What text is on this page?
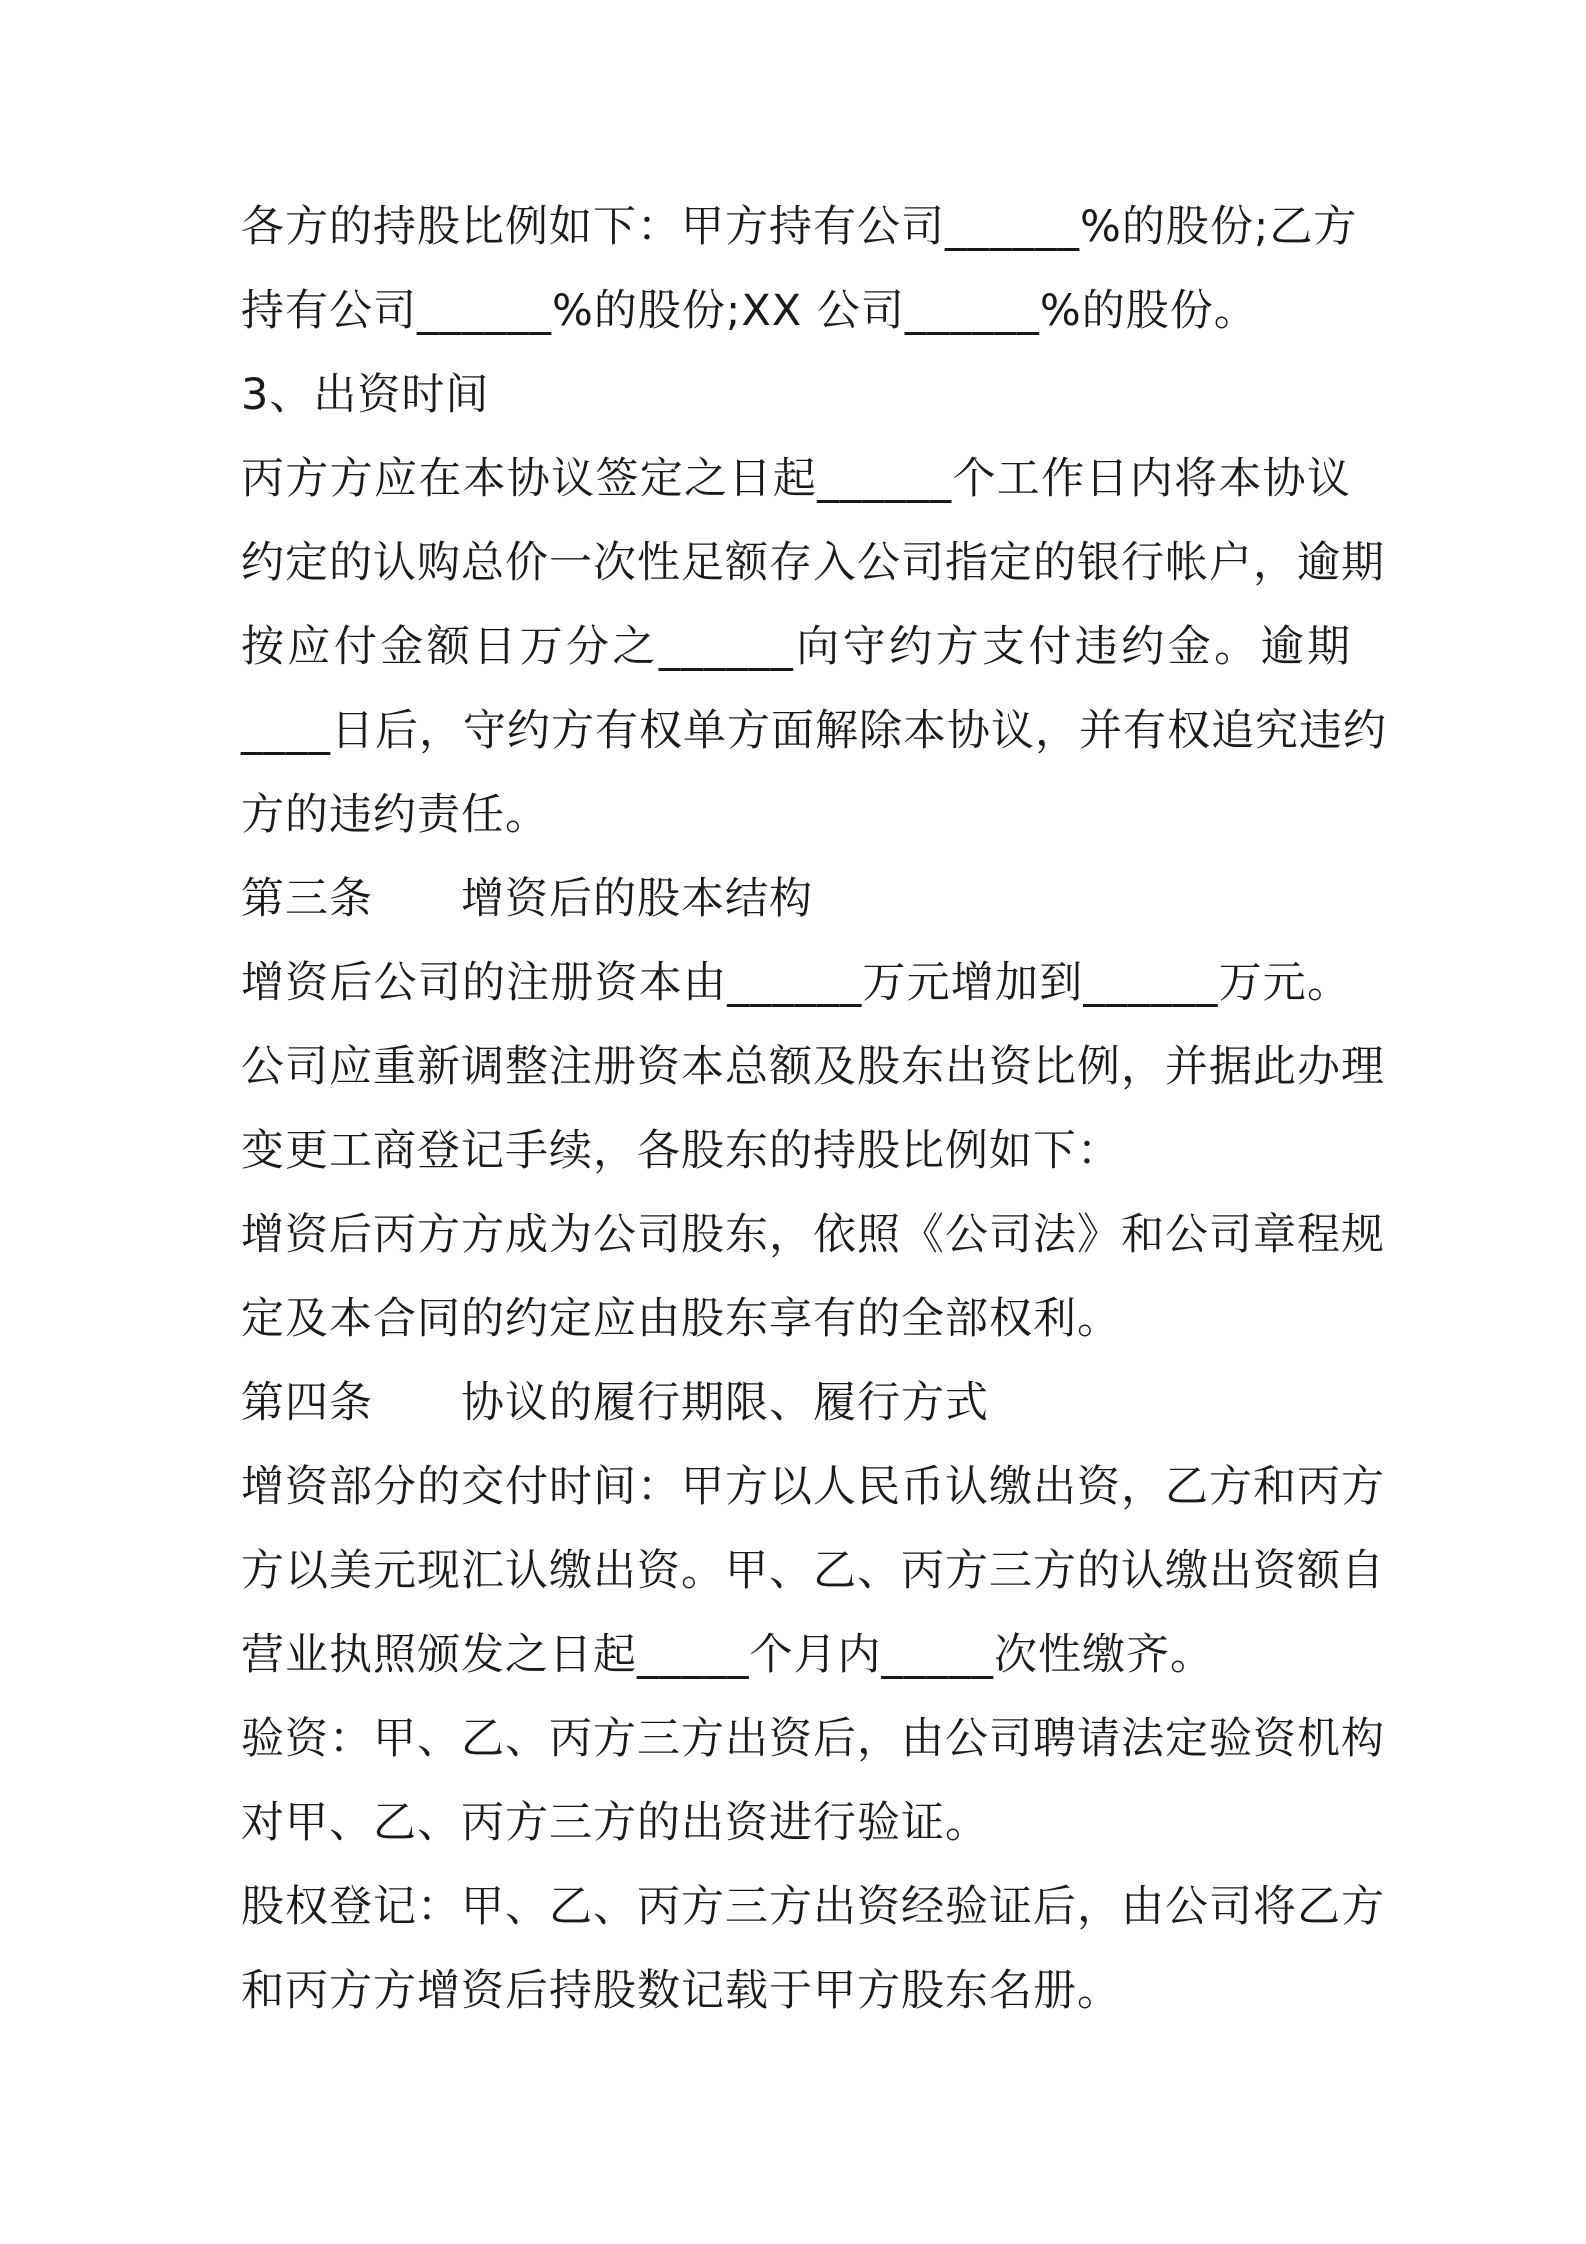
各方的持股比例如下：甲方持有公司______%的股份;乙方
持有公司______%的股份;XX 公司______%的股份。
3、出资时间
丙方方应在本协议签定之日起______个工作日内将本协议
约定的认购总价一次性足额存入公司指定的银行帐户，逾期
按应付金额日万分之______向守约方支付违约金。逾期
____日后，守约方有权单方面解除本协议，并有权追究违约
方的违约责任。
第三条　　增资后的股本结构
增资后公司的注册资本由______万元增加到______万元。
公司应重新调整注册资本总额及股东出资比例，并据此办理
变更工商登记手续，各股东的持股比例如下：
增资后丙方方成为公司股东，依照《公司法》和公司章程规
定及本合同的约定应由股东享有的全部权利。
第四条　　协议的履行期限、履行方式
增资部分的交付时间：甲方以人民币认缴出资，乙方和丙方
方以美元现汇认缴出资。甲、乙、丙方三方的认缴出资额自
营业执照颁发之日起_____个月内_____次性缴齐。
验资：甲、乙、丙方三方出资后，由公司聘请法定验资机构
对甲、乙、丙方三方的出资进行验证。
股权登记：甲、乙、丙方三方出资经验证后，由公司将乙方
和丙方方增资后持股数记载于甲方股东名册。
